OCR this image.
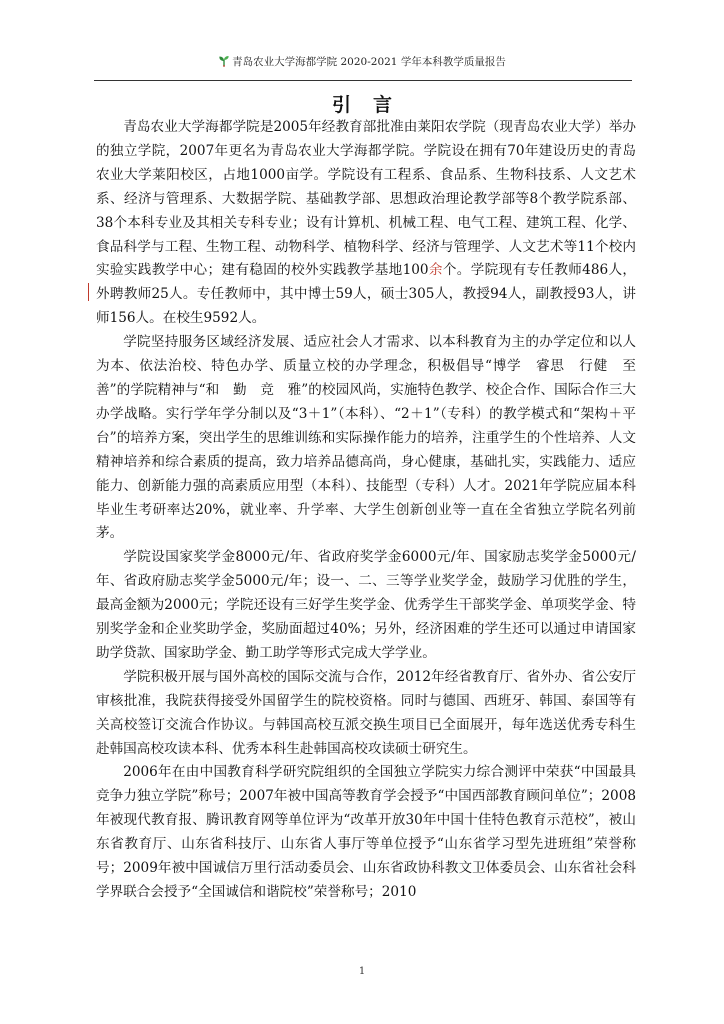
青岛农业大学海都学院 2020-2021 学年本科教学质量报告
引言

青岛农业大学海都学院是2005年经教育部批准由莱阳农学院（现青岛农业大学）举办的独立学院，2007年更名为青岛农业大学海都学院。学院设在拥有70年建设历史的青岛农业大学莱阳校区，占地1000亩学。学院设有工程系、食品系、生物科技系、人文艺术系、经济与管理系、大数据学院、基础教学部、思想政治理论教学部等8个教学院系部、38个本科专业及其相关专科专业；设有计算机、机械工程、电气工程、建筑工程、化学、食品科学与工程、生物工程、动物科学、植物科学、经济与管理学、人文艺术等11个校内实验实践教学中心；建有稳固的校外实践教学基地100余个。学院现有专任教师486人，外聘教师25人。专任教师中，其中博士59人，硕士305人，教授94人，副教授93人，讲师156人。在校生9592人。

学院坚持服务区域经济发展、适应社会人才需求、以本科教育为主的办学定位和以人为本、依法治校、特色办学、质量立校的办学理念，积极倡导“博学　睿思　行健　至善”的学院精神与“和　勤　竞　雅”的校园风尚，实施特色教学、校企合作、国际合作三大办学战略。实行学年学分制以及“3＋1”（本科）、“2＋1”（专科）的教学模式和“架构＋平台”的培养方案，突出学生的思维训练和实际操作能力的培养，注重学生的个性培养、人文精神培养和综合素质的提高，致力培养品德高尚，身心健康，基础扎实，实践能力、适应能力、创新能力强的高素质应用型（本科）、技能型（专科）人才。2021年学院应届本科毕业生考研率达20%，就业率、升学率、大学生创新创业等一直在全省独立学院名列前茅。

学院设国家奖学金8000元/年、省政府奖学金6000元/年、国家励志奖学金5000元/年、省政府励志奖学金5000元/年；设一、二、三等学业奖学金，鼓励学习优胜的学生，最高金额为2000元；学院还设有三好学生奖学金、优秀学生干部奖学金、单项奖学金、特别奖学金和企业奖助学金，奖励面超过40%；另外，经济困难的学生还可以通过申请国家助学贷款、国家助学金、勤工助学等形式完成大学学业。

学院积极开展与国外高校的国际交流与合作，2012年经省教育厅、省外办、省公安厅审核批准，我院获得接受外国留学生的院校资格。同时与德国、西班牙、韩国、泰国等有关高校签订交流合作协议。与韩国高校互派交换生项目已全面展开，每年选送优秀专科生赴韩国高校攻读本科、优秀本科生赴韩国高校攻读硕士研究生。

2006年在由中国教育科学研究院组织的全国独立学院实力综合测评中荣获“中国最具竞争力独立学院”称号；2007年被中国高等教育学会授予“中国西部教育顾问单位”；2008年被现代教育报、腾讯教育网等单位评为“改革开放30年中国十佳特色教育示范校”，被山东省教育厅、山东省科技厅、山东省人事厅等单位授予“山东省学习型先进班组”荣誉称号；2009年被中国诚信万里行活动委员会、山东省政协科教文卫体委员会、山东省社会科学界联合会授予“全国诚信和谐院校”荣誉称号；2010

1
